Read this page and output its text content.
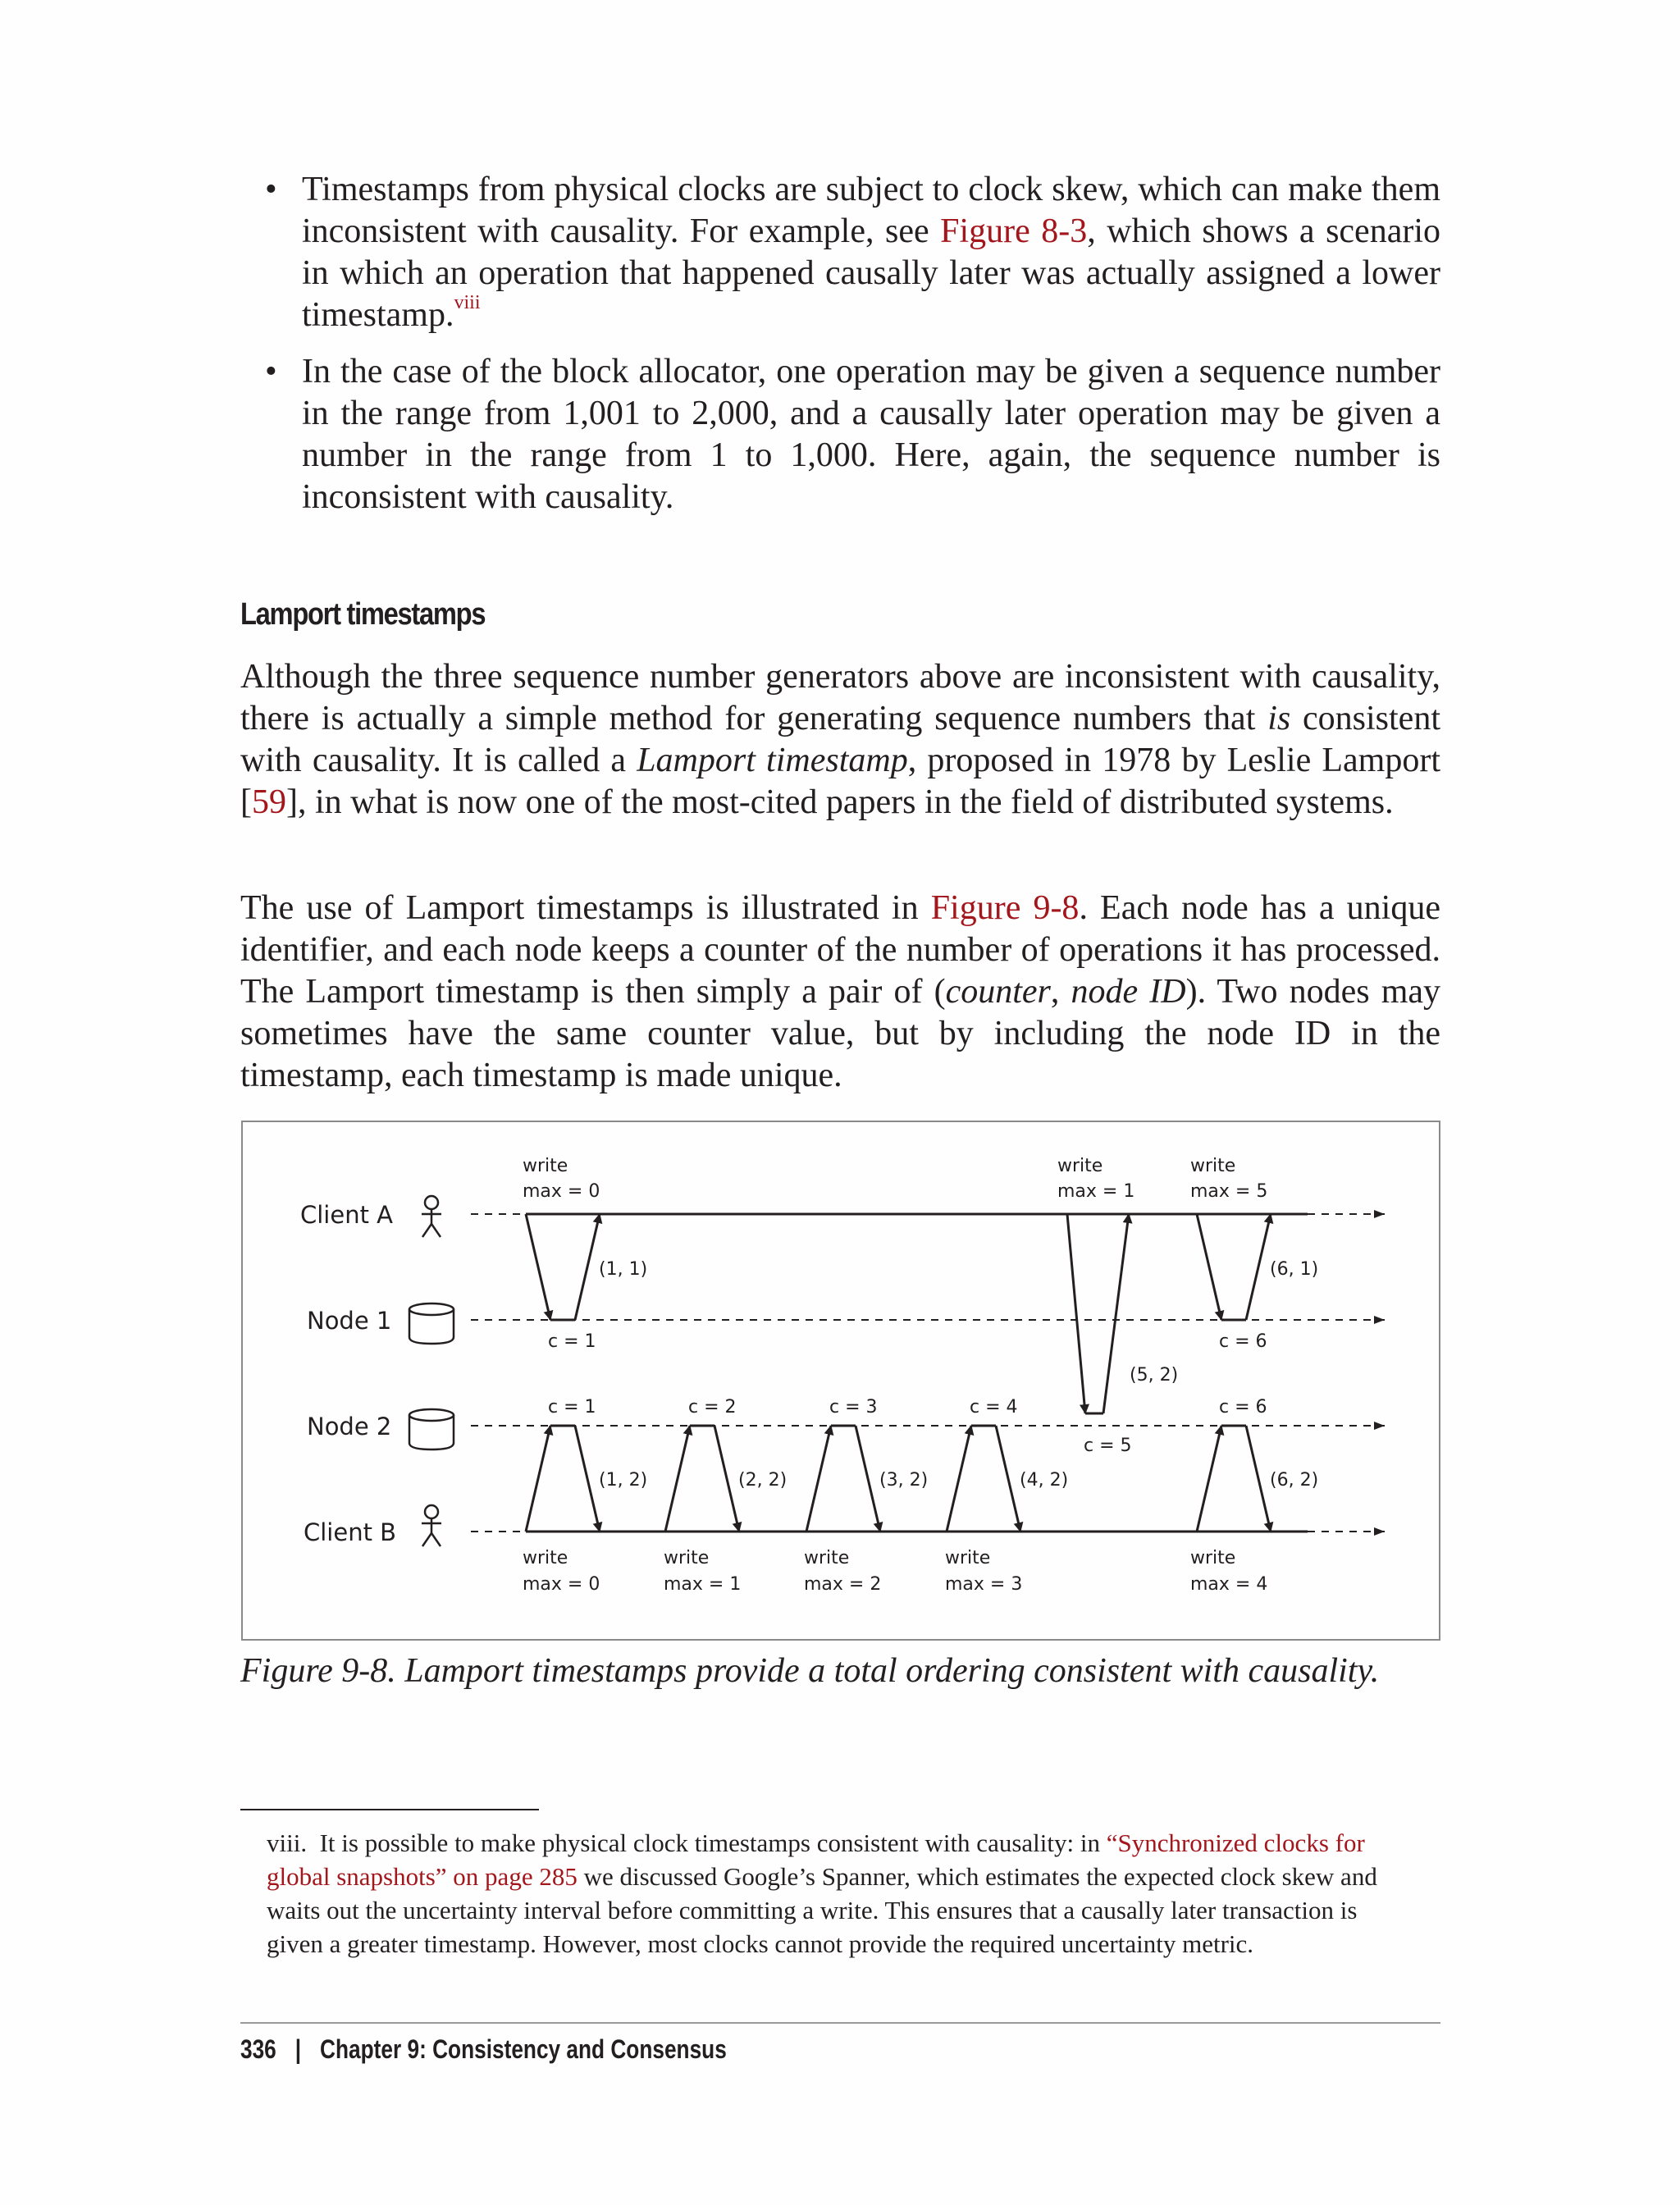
• Timestamps from physical clocks are subject to clock skew, which can make them inconsistent with causality. For example, see Figure 8-3, which shows a scenario in which an operation that happened causally later was actually assigned a lower timestamp.$^{viii}$
• In the case of the block allocator, one operation may be given a sequence number in the range from 1,001 to 2,000, and a causally later operation may be given a number in the range from 1 to 1,000. Here, again, the sequence number is inconsistent with causality.
Lamport timestamps

Although the three sequence number generators above are inconsistent with causality, there is actually a simple method for generating sequence numbers that is consistent with causality. It is called a Lamport timestamp, proposed in 1978 by Leslie Lamport [59], in what is now one of the most-cited papers in the field of distributed systems.

The use of Lamport timestamps is illustrated in Figure 9-8. Each node has a unique identifier, and each node keeps a counter of the number of operations it has processed. The Lamport timestamp is then simply a pair of (counter, node ID). Two nodes may sometimes have the same counter value, but by including the node ID in the timestamp, each timestamp is made unique.

Client A
Node 1
Node 2
Client B
write
max = 0
write
max = 1
write
max = 5
write
max = 0
write
max = 1
write
max = 2
write
max = 3
write
max = 4
c = 1	c = 6
c = 1	c = 2	c = 3	c = 4
c = 5
c = 6
(1, 1)
(5, 2)
(6, 1)
(1, 2)	(2, 2)	(3, 2)	(4, 2)	(6, 2)

Figure 9-8. Lamport timestamps provide a total ordering consistent with causality.

viii. It is possible to make physical clock timestamps consistent with causality: in “Synchronized clocks for global snapshots” on page 285 we discussed Google’s Spanner, which estimates the expected clock skew and waits out the uncertainty interval before committing a write. This ensures that a causally later transaction is given a greater timestamp. However, most clocks cannot provide the required uncertainty metric.

336 | Chapter 9: Consistency and Consensus
